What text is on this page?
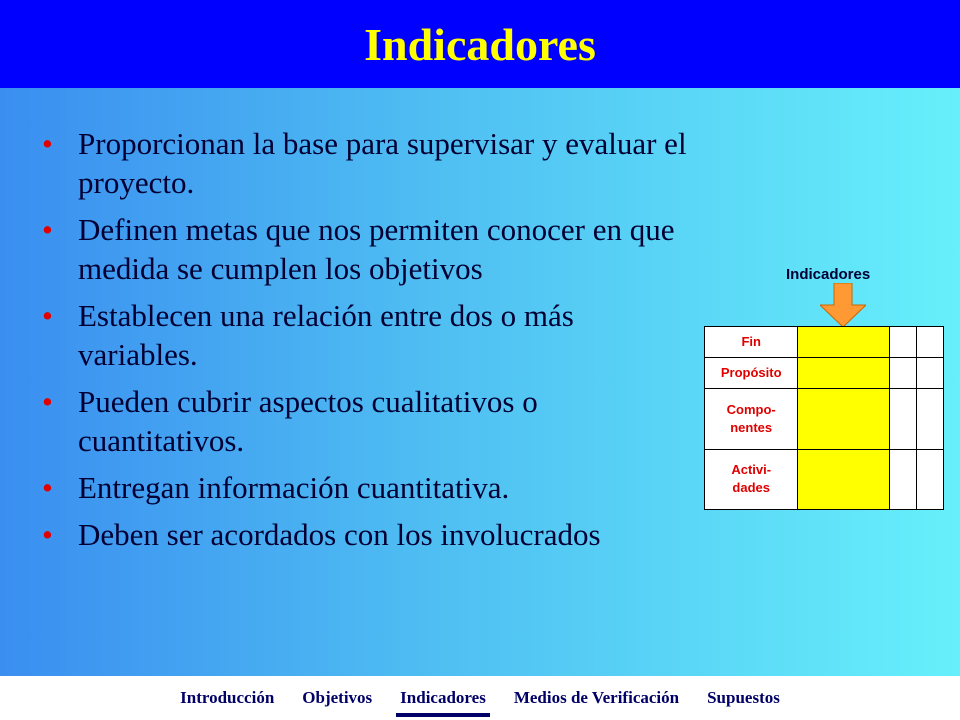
Indicadores
• Proporcionan la base para supervisar y evaluar el proyecto.
• Definen metas que nos permiten conocer en que medida se cumplen los objetivos
• Establecen una relación entre dos o más variables.
• Pueden cubrir aspectos cualitativos o cuantitativos.
• Entregan información cuantitativa.
• Deben ser acordados con los involucrados
Indicadores
Fin			
Propósito			
Compo-
nentes			
Activi-
dades			
Introducción Objetivos Indicadores Medios de Verificación Supuestos
